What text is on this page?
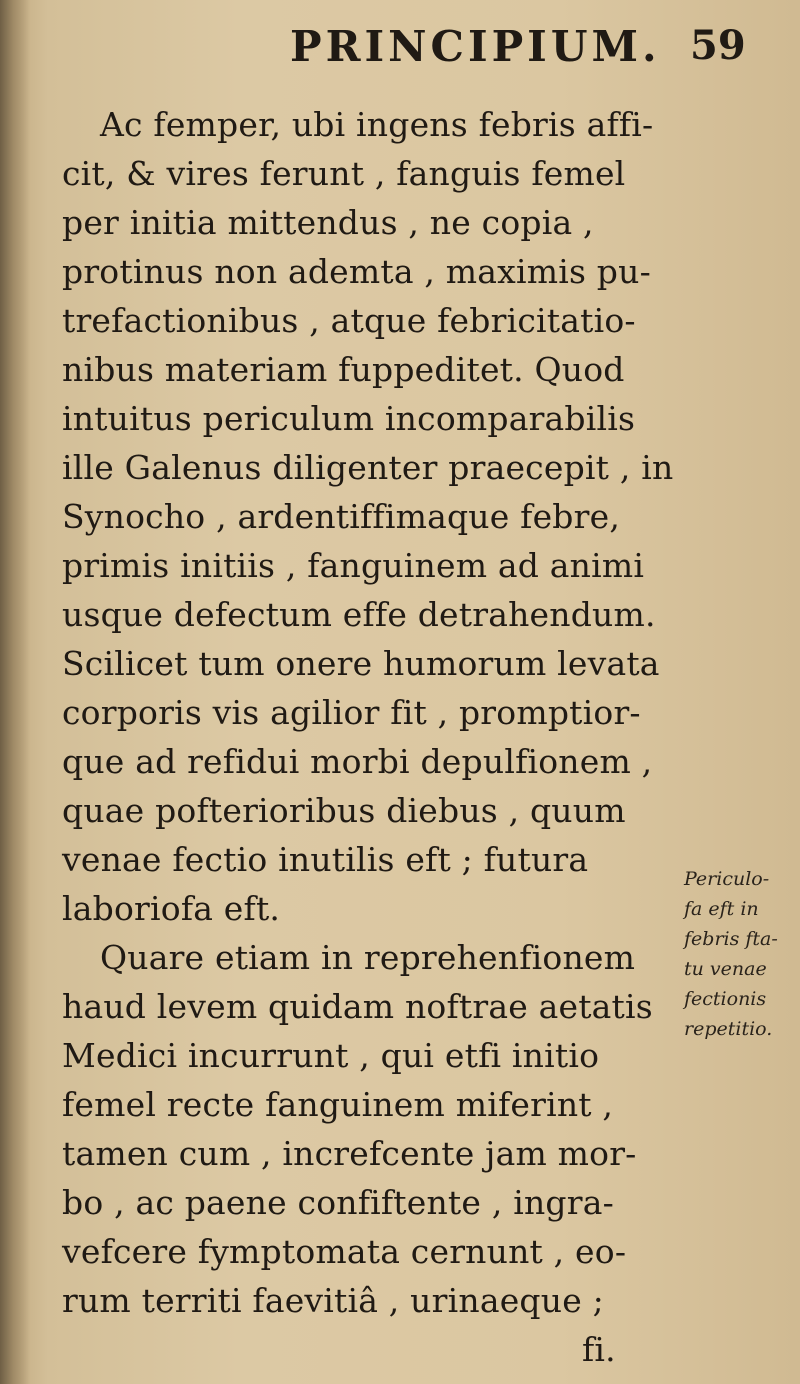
PRINCIPIUM. 59
Ac femper, ubi ingens febris affi-
cit, & vires ferunt , fanguis femel
per initia mittendus , ne copia ,
protinus non ademta , maximis pu-
trefactionibus , atque febricitatio-
nibus materiam fuppeditet. Quod
intuitus periculum incomparabilis
ille Galenus diligenter praecepit , in
Synocho , ardentiffimaque febre,
primis initiis , fanguinem ad animi
usque defectum effe detrahendum.
Scilicet tum onere humorum levata
corporis vis agilior fit , promptior-
que ad refidui morbi depulfionem ,
quae pofterioribus diebus , quum
venae fectio inutilis eft ; futura
laboriofa eft.
Quare etiam in reprehenfionem
haud levem quidam noftrae aetatis
Medici incurrunt , qui etfi initio
femel recte fanguinem miferint ,
tamen cum , increfcente jam mor-
bo , ac paene confiftente , ingra-
vefcere fymptomata cernunt , eo-
rum territi faevitiâ , urinaeque ;
fi.
Periculo-
fa eft in
febris fta-
tu venae
fectionis
repetitio.
